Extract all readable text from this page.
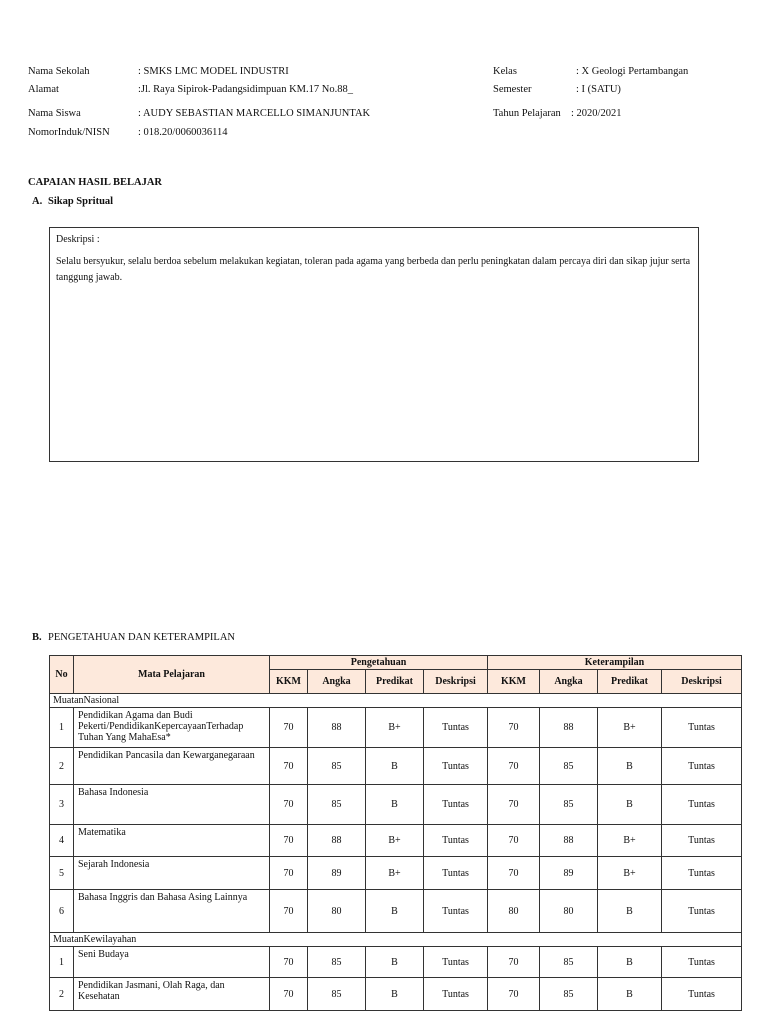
Nama Sekolah	: SMKS LMC MODEL INDUSTRI
Alamat	:Jl. Raya Sipirok-Padangsidimpuan KM.17 No.88_
Nama Siswa	: AUDY SEBASTIAN MARCELLO SIMANJUNTAK
NomorInduk/NISN	: 018.20/0060036114
Kelas	: X Geologi Pertambangan
Semester	: I (SATU)
Tahun Pelajaran : 2020/2021
CAPAIAN HASIL BELAJAR
A. Sikap Spritual

Deskripsi :

Selalu bersyukur, selalu berdoa sebelum melakukan kegiatan, toleran pada agama yang berbeda dan perlu peningkatan dalam percaya diri dan sikap jujur serta tanggung jawab.

B. PENGETAHUAN DAN KETERAMPILAN
No	Mata Pelajaran	Pengetahuan				Keterampilan			
		KKM	Angka	Predikat	Deskripsi	KKM	Angka	Predikat	Deskripsi
MuatanNasional									
1	Pendidikan Agama dan Budi Pekerti/PendidikanKepercayaanTerhadap Tuhan Yang MahaEsa*	70	88	B+	Tuntas	70	88	B+	Tuntas
2	Pendidikan Pancasila dan Kewarganegaraan	70	85	B	Tuntas	70	85	B	Tuntas
3	Bahasa Indonesia	70	85	B	Tuntas	70	85	B	Tuntas
4	Matematika	70	88	B+	Tuntas	70	88	B+	Tuntas
5	Sejarah Indonesia	70	89	B+	Tuntas	70	89	B+	Tuntas
6	Bahasa Inggris dan Bahasa Asing Lainnya	70	80	B	Tuntas	80	80	B	Tuntas
MuatanKewilayahan									
1	Seni Budaya	70	85	B	Tuntas	70	85	B	Tuntas
2	Pendidikan Jasmani, Olah Raga, dan Kesehatan	70	85	B	Tuntas	70	85	B	Tuntas
